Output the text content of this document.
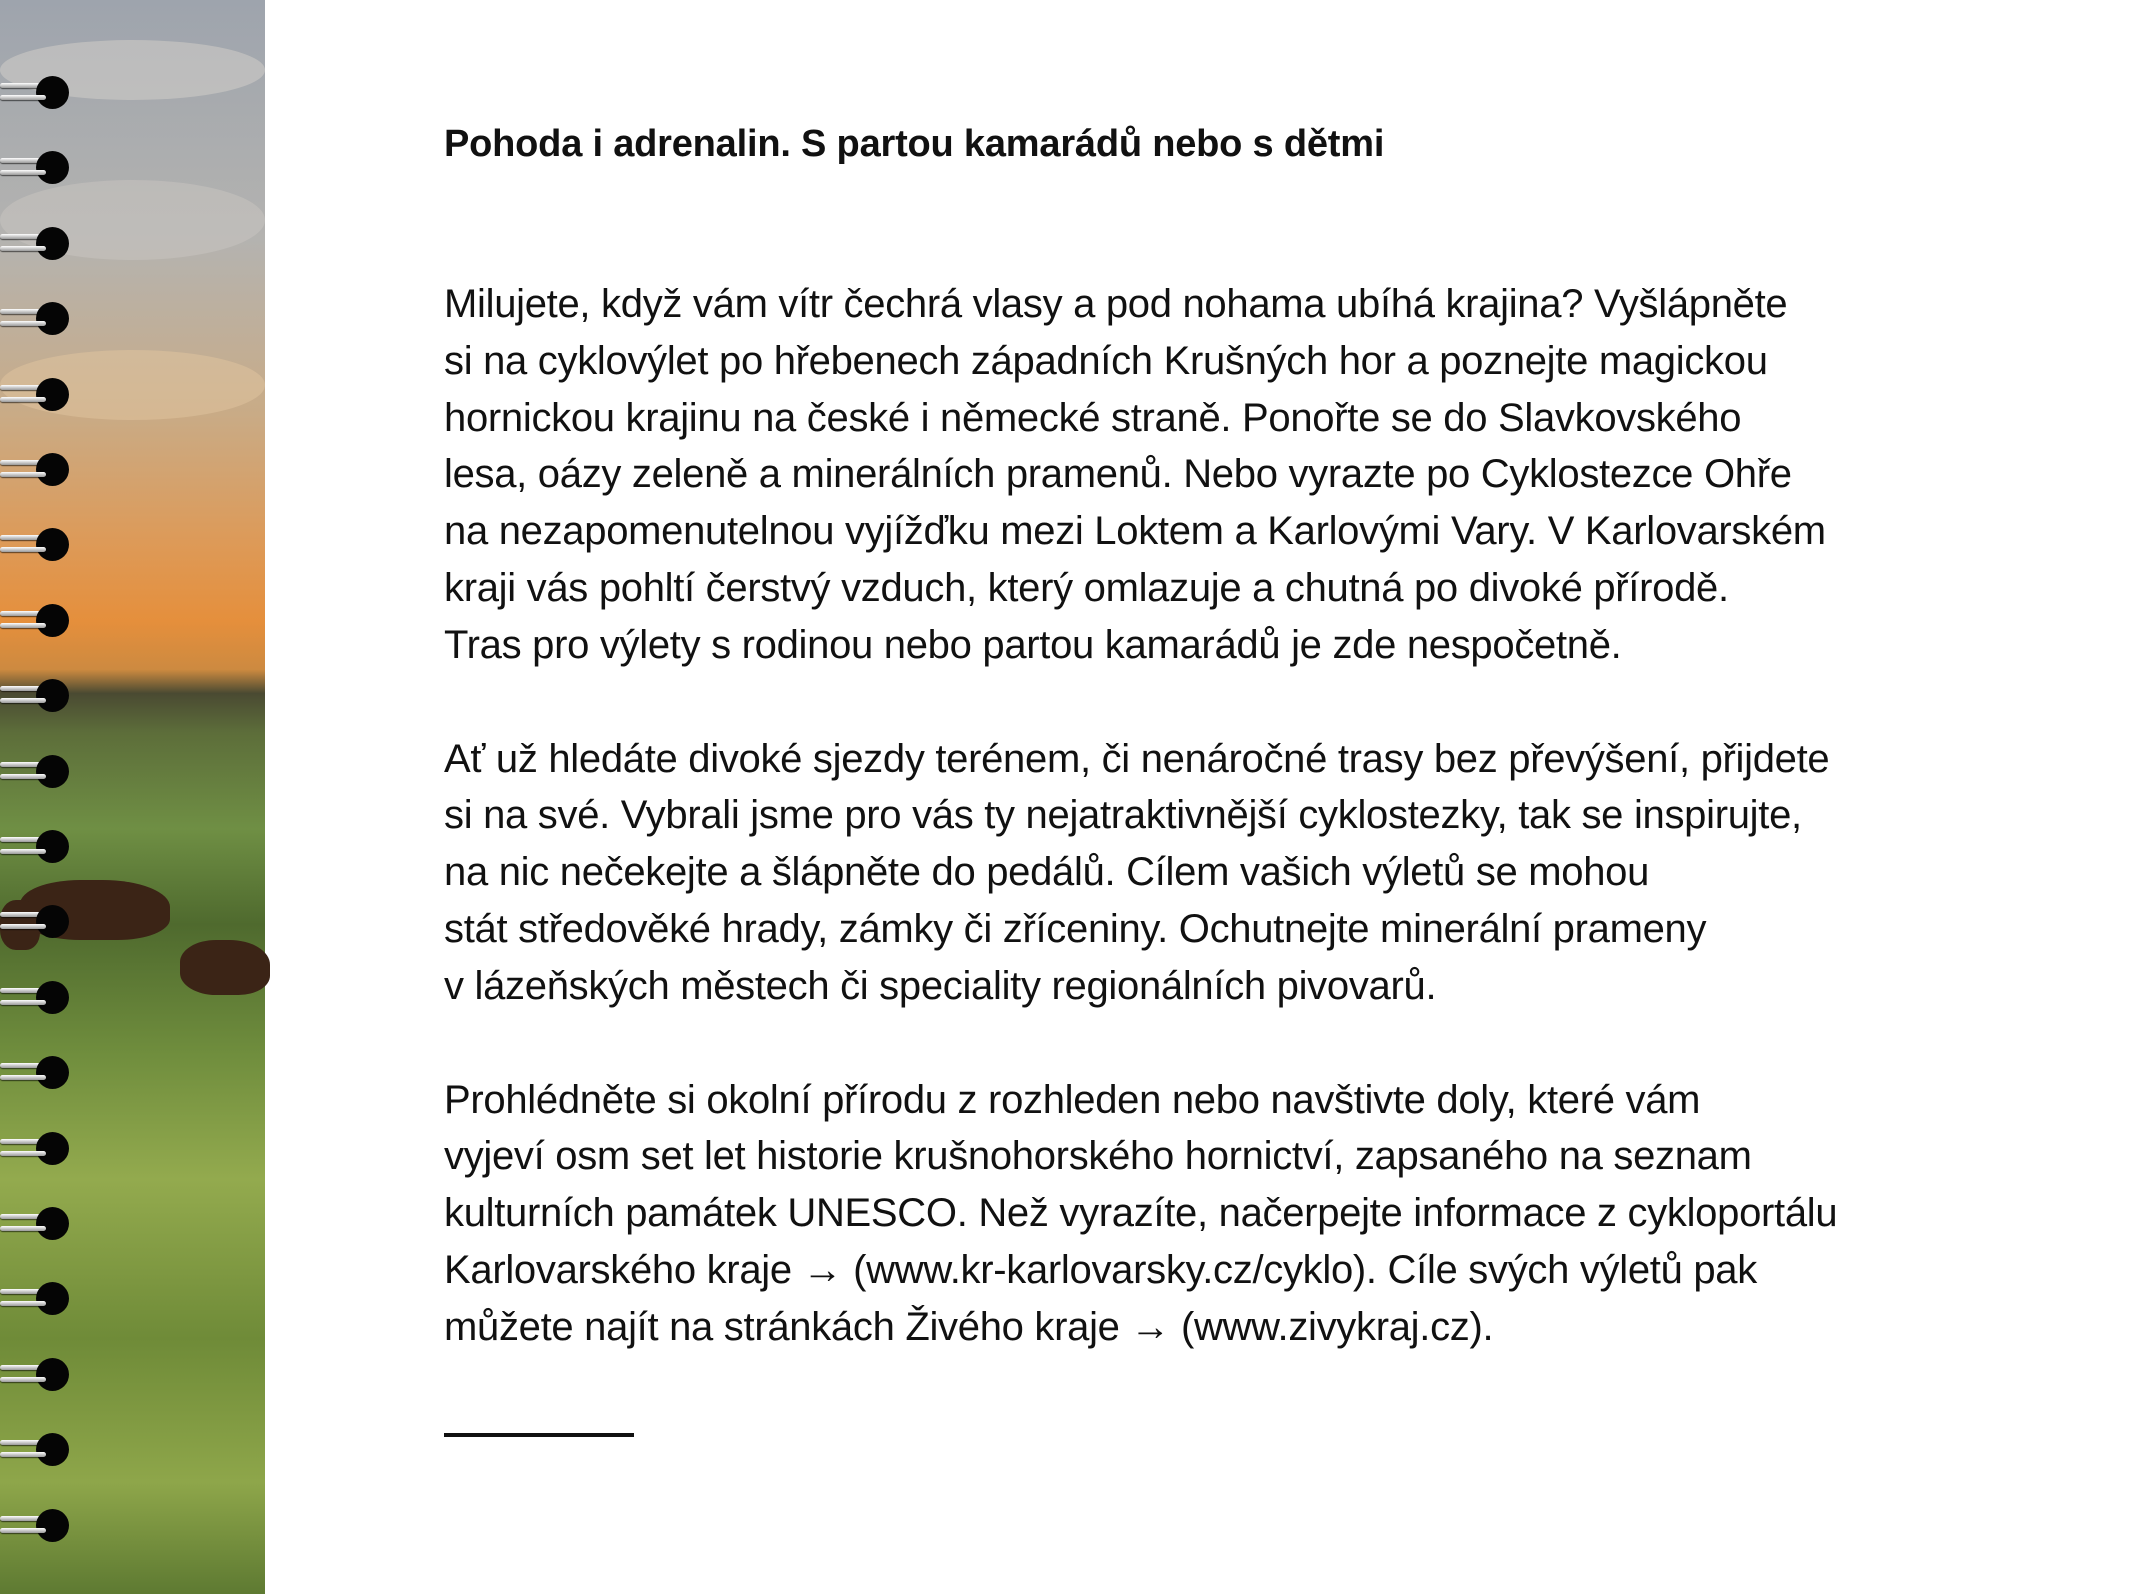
Pohoda i adrenalin. S partou kamarádů nebo s dětmi

Milujete, když vám vítr čechrá vlasy a pod nohama ubíhá krajina? Vyšlápněte
si na cyklovýlet po hřebenech západních Krušných hor a poznejte magickou
hornickou krajinu na české i německé straně. Ponořte se do Slavkovského
lesa, oázy zeleně a minerálních pramenů. Nebo vyrazte po Cyklostezce Ohře
na nezapomenutelnou vyjížďku mezi Loktem a Karlovými Vary. V Karlovarském
kraji vás pohltí čerstvý vzduch, který omlazuje a chutná po divoké přírodě.
Tras pro výlety s rodinou nebo partou kamarádů je zde nespočetně.

Ať už hledáte divoké sjezdy terénem, či nenáročné trasy bez převýšení, přijdete
si na své. Vybrali jsme pro vás ty nejatraktivnější cyklostezky, tak se inspirujte,
na nic nečekejte a šlápněte do pedálů. Cílem vašich výletů se mohou
stát středověké hrady, zámky či zříceniny. Ochutnejte minerální prameny
v lázeňských městech či speciality regionálních pivovarů.

Prohlédněte si okolní přírodu z rozhleden nebo navštivte doly, které vám
vyjeví osm set let historie krušnohorského hornictví, zapsaného na seznam
kulturních památek UNESCO. Než vyrazíte, načerpejte informace z cykloportálu
Karlovarského kraje → (www.kr-karlovarsky.cz/cyklo). Cíle svých výletů pak
můžete najít na stránkách Živého kraje → (www.zivykraj.cz).
